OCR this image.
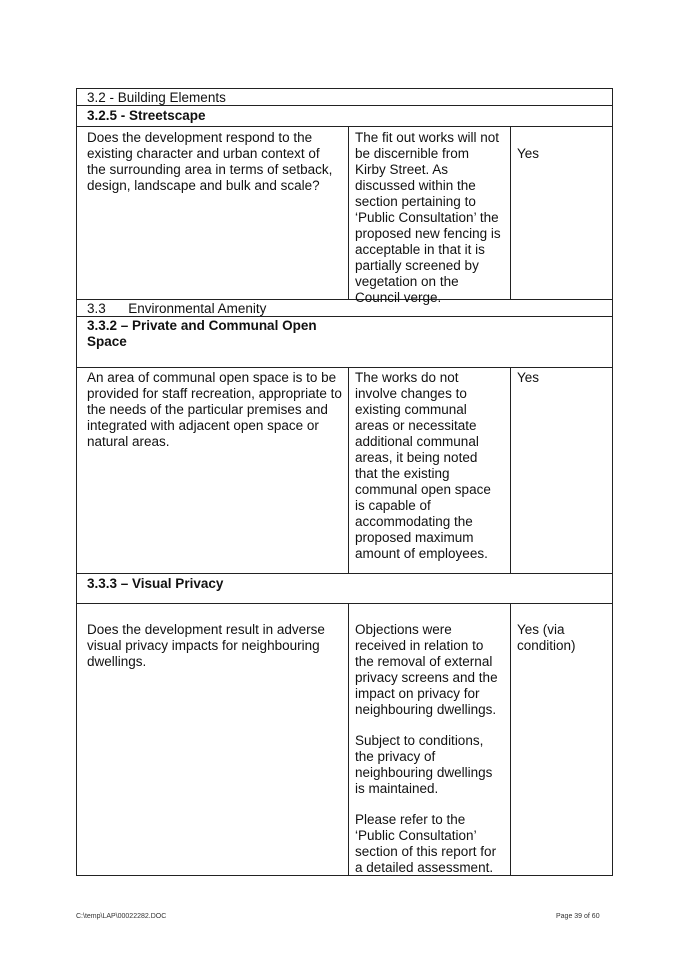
3.2 - Building Elements
3.2.5 - Streetscape
Does the development respond to the existing character and urban context of the surrounding area in terms of setback, design, landscape and bulk and scale?
The fit out works will not
be discernible from
Kirby Street. As
discussed within the
section pertaining to
‘Public Consultation’ the
proposed new fencing is
acceptable in that it is
partially screened by
vegetation on the
Council verge.
Yes
3.3      Environmental Amenity
3.3.2 – Private and Communal Open
Space
An area of communal open space is to be provided for staff recreation, appropriate to the needs of the particular premises and integrated with adjacent open space or natural areas.
The works do not
involve changes to
existing communal
areas or necessitate
additional communal
areas, it being noted
that the existing
communal open space
is capable of
accommodating the
proposed maximum
amount of employees.
Yes
3.3.3 – Visual Privacy
Does the development result in adverse visual privacy impacts for neighbouring dwellings.

Objections were
received in relation to
the removal of external
privacy screens and the
impact on privacy for
neighbouring dwellings.

Subject to conditions,
the privacy of
neighbouring dwellings
is maintained.

Please refer to the
‘Public Consultation’
section of this report for
a detailed assessment.

Yes (via
condition)
C:\temp\LAP\00022282.DOC	Page 39 of 60
